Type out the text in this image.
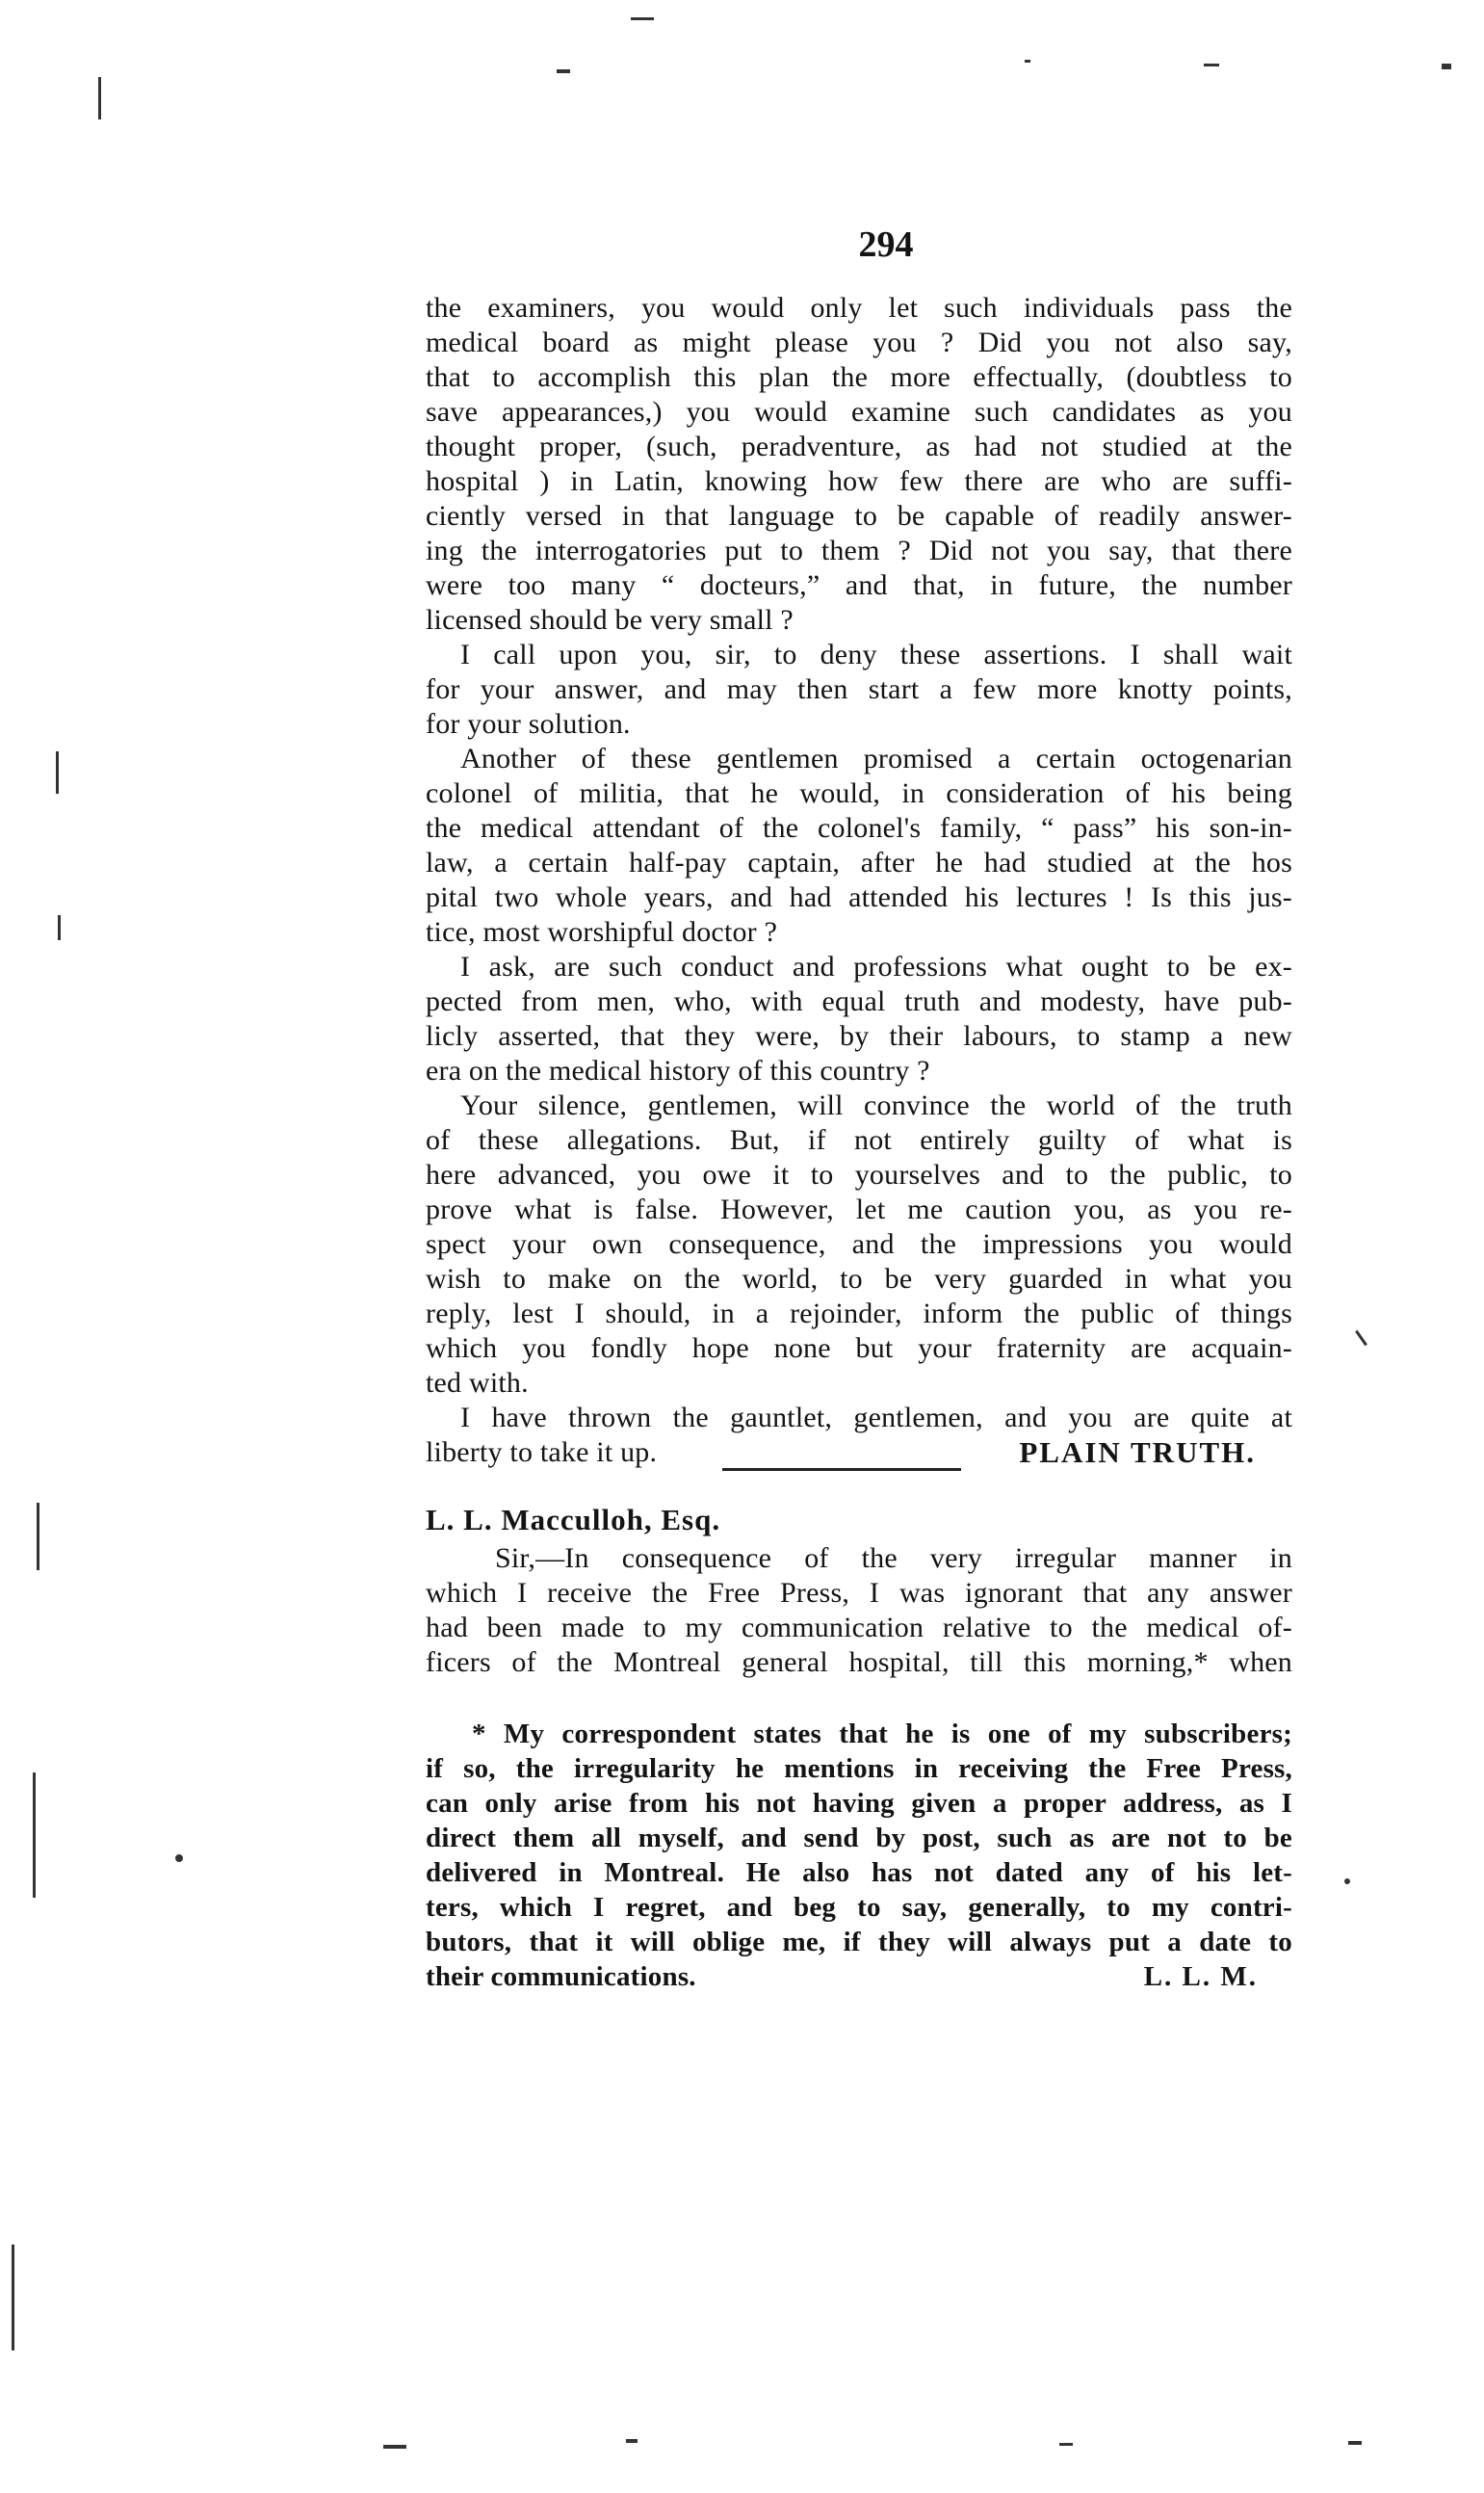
294
the examiners, you would only let such individuals pass the
medical board as might please you ? Did you not also say,
that to accomplish this plan the more effectually, (doubtless to
save appearances,) you would examine such candidates as you
thought proper, (such, peradventure, as had not studied at the
hospital ) in Latin, knowing how few there are who are suffi-
ciently versed in that language to be capable of readily answer-
ing the interrogatories put to them ? Did not you say, that there
were too many “ docteurs,” and that, in future, the number
licensed should be very small ?
I call upon you, sir, to deny these assertions. I shall wait
for your answer, and may then start a few more knotty points,
for your solution.
Another of these gentlemen promised a certain octogenarian
colonel of militia, that he would, in consideration of his being
the medical attendant of the colonel's family, “ pass” his son-in-
law, a certain half-pay captain, after he had studied at the hos
pital two whole years, and had attended his lectures ! Is this jus-
tice, most worshipful doctor ?
I ask, are such conduct and professions what ought to be ex-
pected from men, who, with equal truth and modesty, have pub-
licly asserted, that they were, by their labours, to stamp a new
era on the medical history of this country ?
Your silence, gentlemen, will convince the world of the truth
of these allegations. But, if not entirely guilty of what is
here advanced, you owe it to yourselves and to the public, to
prove what is false. However, let me caution you, as you re-
spect your own consequence, and the impressions you would
wish to make on the world, to be very guarded in what you
reply, lest I should, in a rejoinder, inform the public of things
which you fondly hope none but your fraternity are acquain-
ted with.
I have thrown the gauntlet, gentlemen, and you are quite at
liberty to take it up.	PLAIN TRUTH.
L. L. Macculloh, Esq.
Sir,—In consequence of the very irregular manner in
which I receive the Free Press, I was ignorant that any answer
had been made to my communication relative to the medical of-
ficers of the Montreal general hospital, till this morning,* when
* My correspondent states that he is one of my subscribers;
if so, the irregularity he mentions in receiving the Free Press,
can only arise from his not having given a proper address, as I
direct them all myself, and send by post, such as are not to be
delivered in Montreal. He also has not dated any of his let-
ters, which I regret, and beg to say, generally, to my contri-
butors, that it will oblige me, if they will always put a date to
their communications.	L. L. M.
